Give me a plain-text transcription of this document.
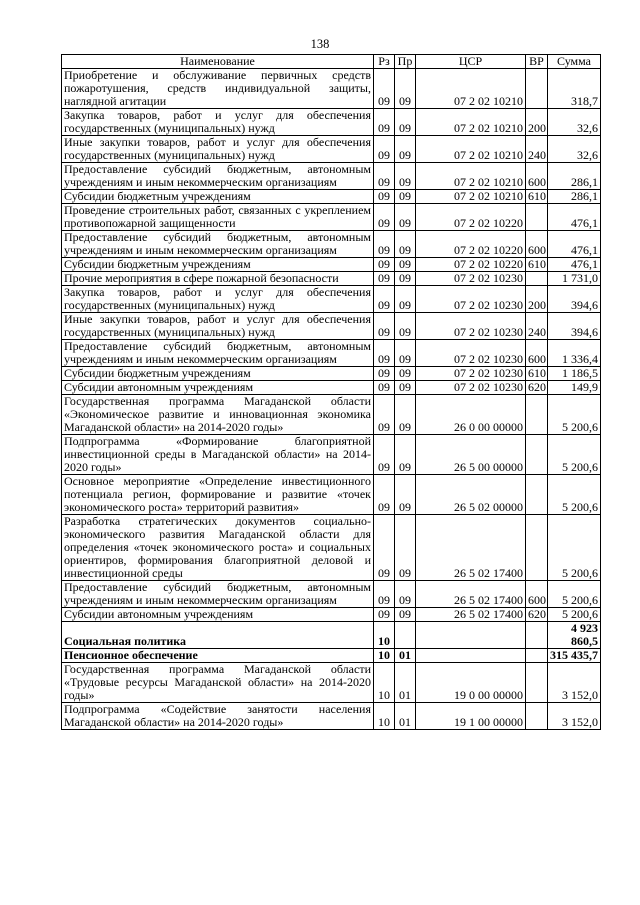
138
Наименование	Рз	Пр	ЦСР	ВР	Сумма
Приобретение и обслуживание первичных средств пожаротушения, средств индивидуальной защиты, наглядной агитации	09	09	07 2 02 10210		318,7
Закупка товаров, работ и услуг для обеспечения государственных (муниципальных) нужд	09	09	07 2 02 10210	200	32,6
Иные закупки товаров, работ и услуг для обеспечения государственных (муниципальных) нужд	09	09	07 2 02 10210	240	32,6
Предоставление субсидий бюджетным, автономным учреждениям и иным некоммерческим организациям	09	09	07 2 02 10210	600	286,1
Субсидии бюджетным учреждениям	09	09	07 2 02 10210	610	286,1
Проведение строительных работ, связанных с укреплением противопожарной защищенности	09	09	07 2 02 10220		476,1
Предоставление субсидий бюджетным, автономным учреждениям и иным некоммерческим организациям	09	09	07 2 02 10220	600	476,1
Субсидии бюджетным учреждениям	09	09	07 2 02 10220	610	476,1
Прочие мероприятия в сфере пожарной безопасности	09	09	07 2 02 10230		1 731,0
Закупка товаров, работ и услуг для обеспечения государственных (муниципальных) нужд	09	09	07 2 02 10230	200	394,6
Иные закупки товаров, работ и услуг для обеспечения государственных (муниципальных) нужд	09	09	07 2 02 10230	240	394,6
Предоставление субсидий бюджетным, автономным учреждениям и иным некоммерческим организациям	09	09	07 2 02 10230	600	1 336,4
Субсидии бюджетным учреждениям	09	09	07 2 02 10230	610	1 186,5
Субсидии автономным учреждениям	09	09	07 2 02 10230	620	149,9
Государственная программа Магаданской области «Экономическое развитие и инновационная экономика Магаданской области» на 2014-2020 годы»	09	09	26 0 00 00000		5 200,6
Подпрограмма «Формирование благоприятной инвестиционной среды в Магаданской области» на 2014-2020 годы»	09	09	26 5 00 00000		5 200,6
Основное мероприятие «Определение инвестиционного потенциала регион, формирование и развитие «точек экономического роста» территорий развития»	09	09	26 5 02 00000		5 200,6
Разработка стратегических документов социально-экономического развития Магаданской области для определения «точек экономического роста» и социальных ориентиров, формирования благоприятной деловой и инвестиционной среды	09	09	26 5 02 17400		5 200,6
Предоставление субсидий бюджетным, автономным учреждениям и иным некоммерческим организациям	09	09	26 5 02 17400	600	5 200,6
Субсидии автономным учреждениям	09	09	26 5 02 17400	620	5 200,6
Социальная политика	10				4 923 860,5
Пенсионное обеспечение	10	01			315 435,7
Государственная программа Магаданской области «Трудовые ресурсы Магаданской области» на 2014-2020 годы»	10	01	19 0 00 00000		3 152,0
Подпрограмма «Содействие занятости населения Магаданской области» на 2014-2020 годы»	10	01	19 1 00 00000		3 152,0
